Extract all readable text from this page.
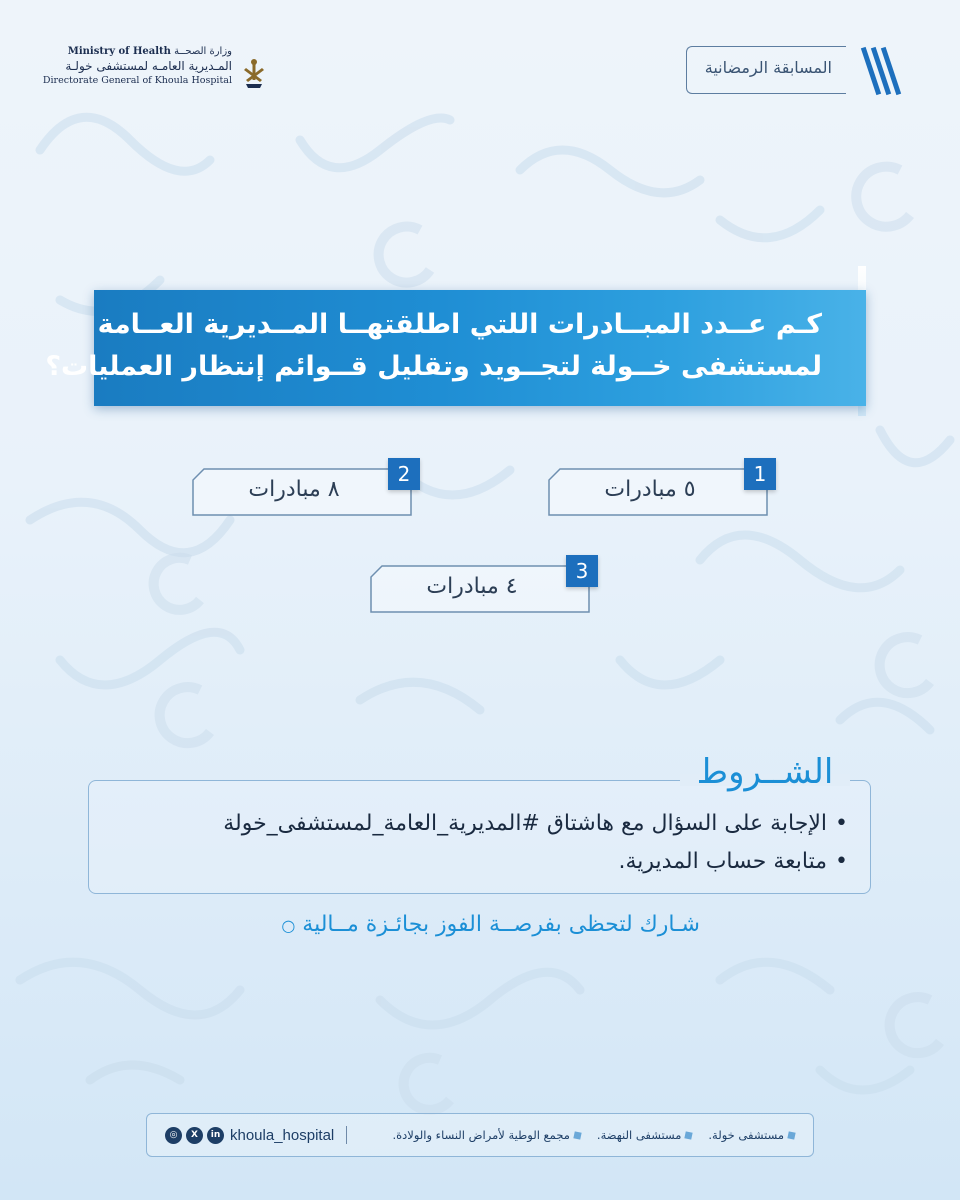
المسابقة الرمضانية
Ministry of Health وزارة الصحــة
المـديرية العامـه لمستشفى خولـة
Directorate General of Khoula Hospital
كـم عــدد المبــادرات اللتي اطلقتهــا المــديرية العــامة
لمستشفى خــولة لتجــويد وتقليل قــوائم إنتظار العمليات؟
٥ مبادرات
1
٨ مبادرات
2
٤ مبادرات
3
• الإجابة على السؤال مع هاشتاق #المديرية_العامة_لمستشفى_خولة
• متابعة حساب المديرية.
الشــروط
شـارك لتحظى بفرصــة الفوز بجائـزة مــالية ○
◎	X	in khoula_hospital	مستشفى خولة.
مستشفى النهضة.
مجمع الوطية لأمراض النساء والولادة.
